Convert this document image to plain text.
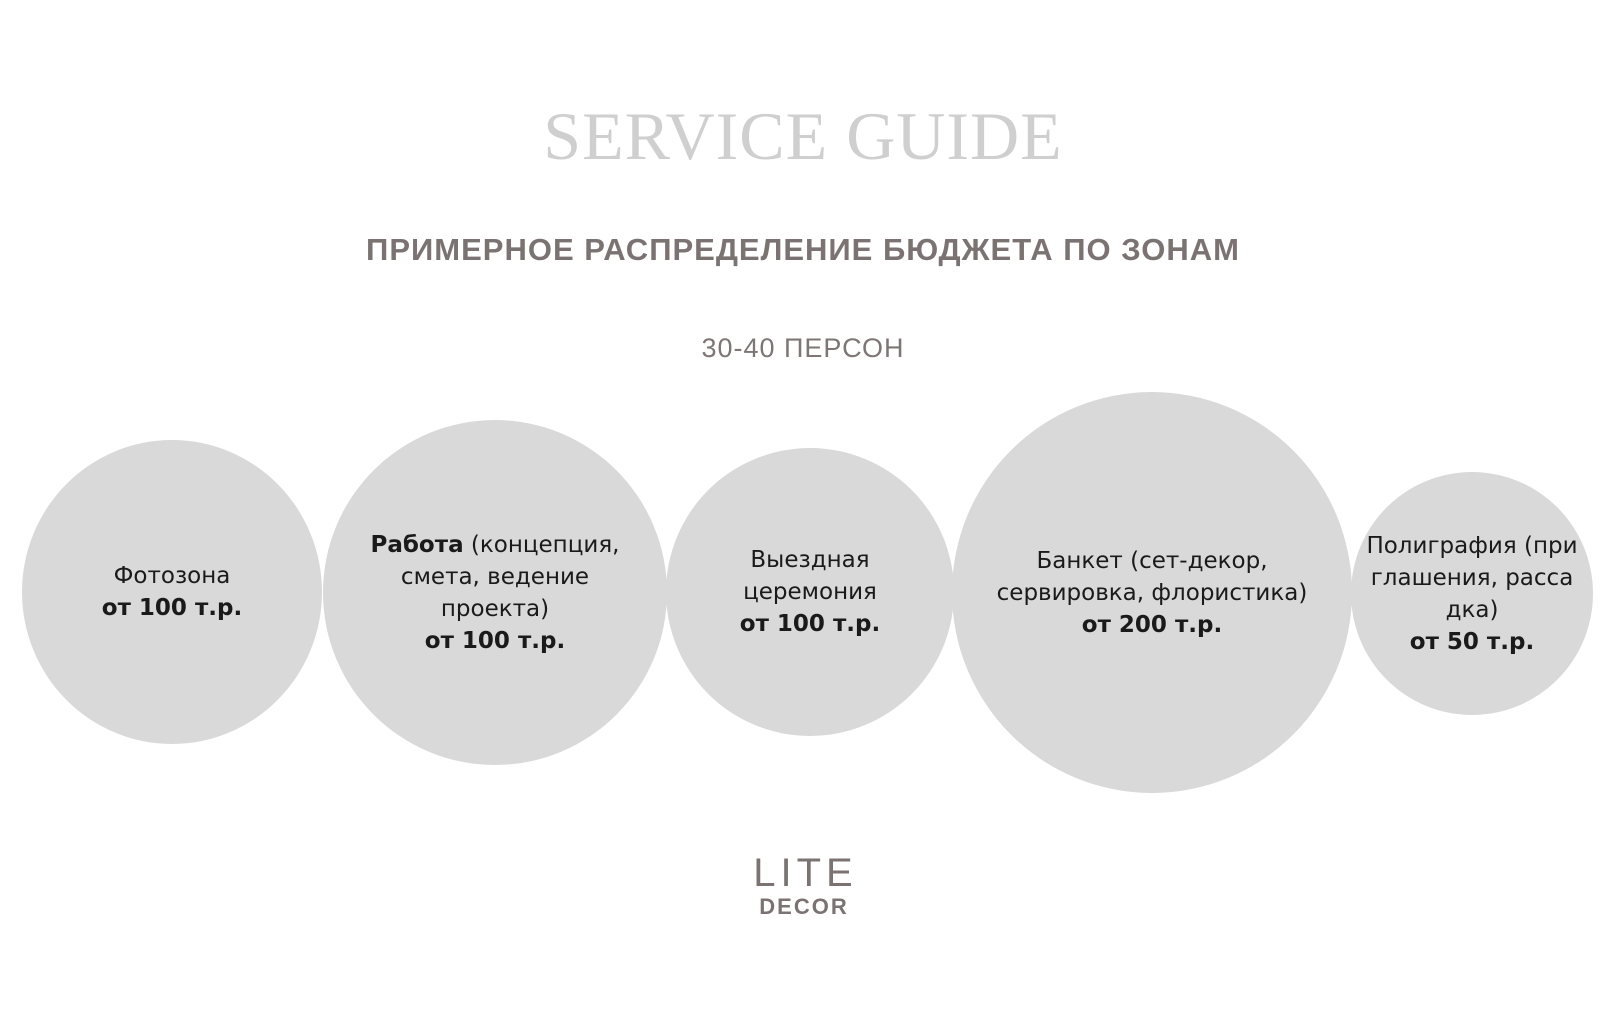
SERVICE GUIDE
ПРИМЕРНОЕ РАСПРЕДЕЛЕНИЕ БЮДЖЕТА ПО ЗОНАМ
30-40 ПЕРСОН
Фотозона
от 100 т.р.
Работа (концепция, смета, ведение проекта)
от 100 т.р.
Выездная церемония
от 100 т.р.
Банкет (сет-декор, сервировка, флористика)
от 200 т.р.
Полиграфия (приглашения, рассадка)
от 50 т.р.
LITE
DECOR
